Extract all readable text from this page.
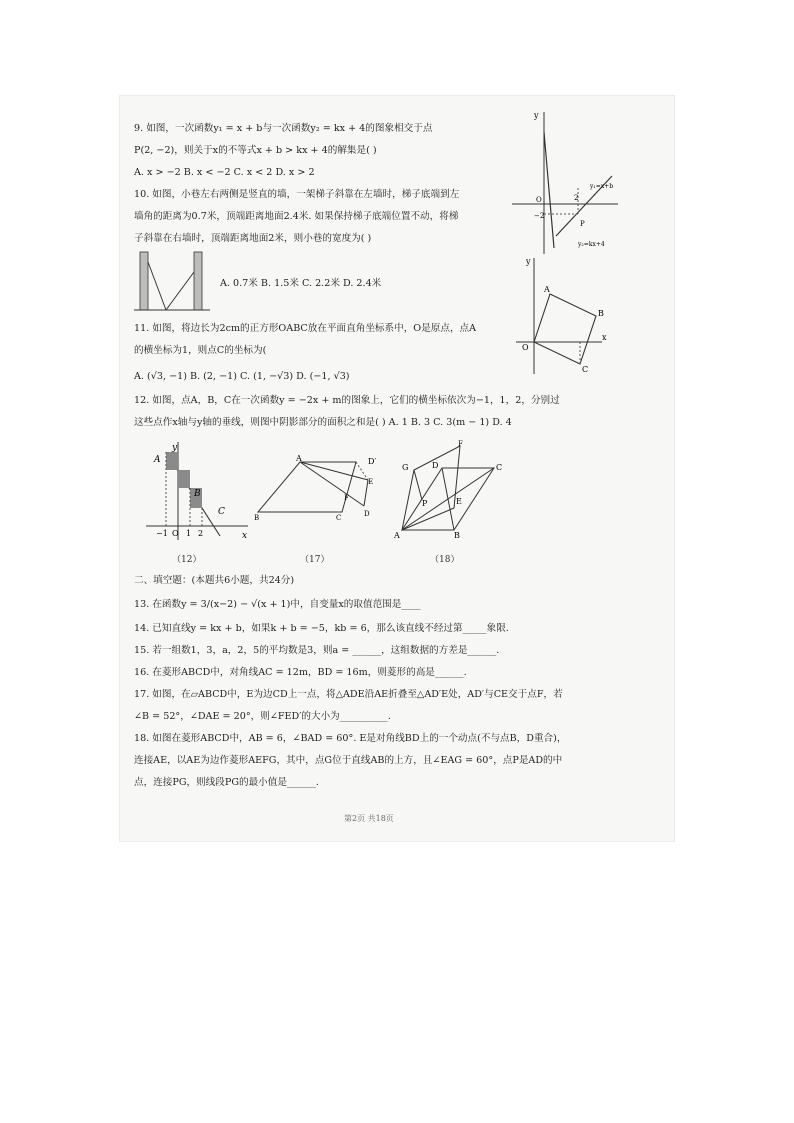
9. 如图，一次函数y₁ = x + b与一次函数y₂ = kx + 4的图象相交于点
P(2, −2)，则关于x的不等式x + b > kx + 4的解集是( )
A. x > −2 B. x < −2 C. x < 2 D. x > 2
y
O	2
−2
P
y₁=x+b
y₂=kx+4
10. 如图，小巷左右两侧是竖直的墙，一架梯子斜靠在左墙时，梯子底端到左
墙角的距离为0.7米，顶端距离地面2.4米. 如果保持梯子底端位置不动，将梯
子斜靠在右墙时，顶端距离地面2米，则小巷的宽度为( )
A. 0.7米 B. 1.5米 C. 2.2米 D. 2.4米
y
A
B
O
C
x
11. 如图，将边长为2cm的正方形OABC放在平面直角坐标系中，O是原点，点A
的横坐标为1，则点C的坐标为(
A. (√3, −1) B. (2, −1) C. (1, −√3) D. (−1, √3)
12. 如图，点A，B，C在一次函数y = −2x + m的图象上，它们的横坐标依次为−1，1，2，分别过
这些点作x轴与y轴的垂线，则图中阴影部分的面积之和是( ) A. 1 B. 3 C. 3(m − 1) D. 4
y
A
B
C
x
−1 O 1 2
（12）
A	D′
E
F
B	C	D
（17）
F
G	D	C
P	E
A	B
（18）
二、填空题：(本题共6小题，共24分)
13. 在函数y = 3/(x−2) − √(x + 1)中，自变量x的取值范围是____
14. 已知直线y = kx + b，如果k + b = −5，kb = 6，那么该直线不经过第_____象限.
15. 若一组数1，3，a，2，5的平均数是3，则a = ______，这组数据的方差是______.
16. 在菱形ABCD中，对角线AC = 12m，BD = 16m，则菱形的高是______.
17. 如图，在▱ABCD中，E为边CD上一点，将△ADE沿AE折叠至△AD′E处，AD′与CE交于点F，若
∠B = 52°，∠DAE = 20°，则∠FED′的大小为__________.
18. 如图在菱形ABCD中，AB = 6，∠BAD = 60°. E是对角线BD上的一个动点(不与点B，D重合)，
连接AE，以AE为边作菱形AEFG，其中，点G位于直线AB的上方，且∠EAG = 60°，点P是AD的中
点，连接PG，则线段PG的最小值是______.
第2页 共18页
